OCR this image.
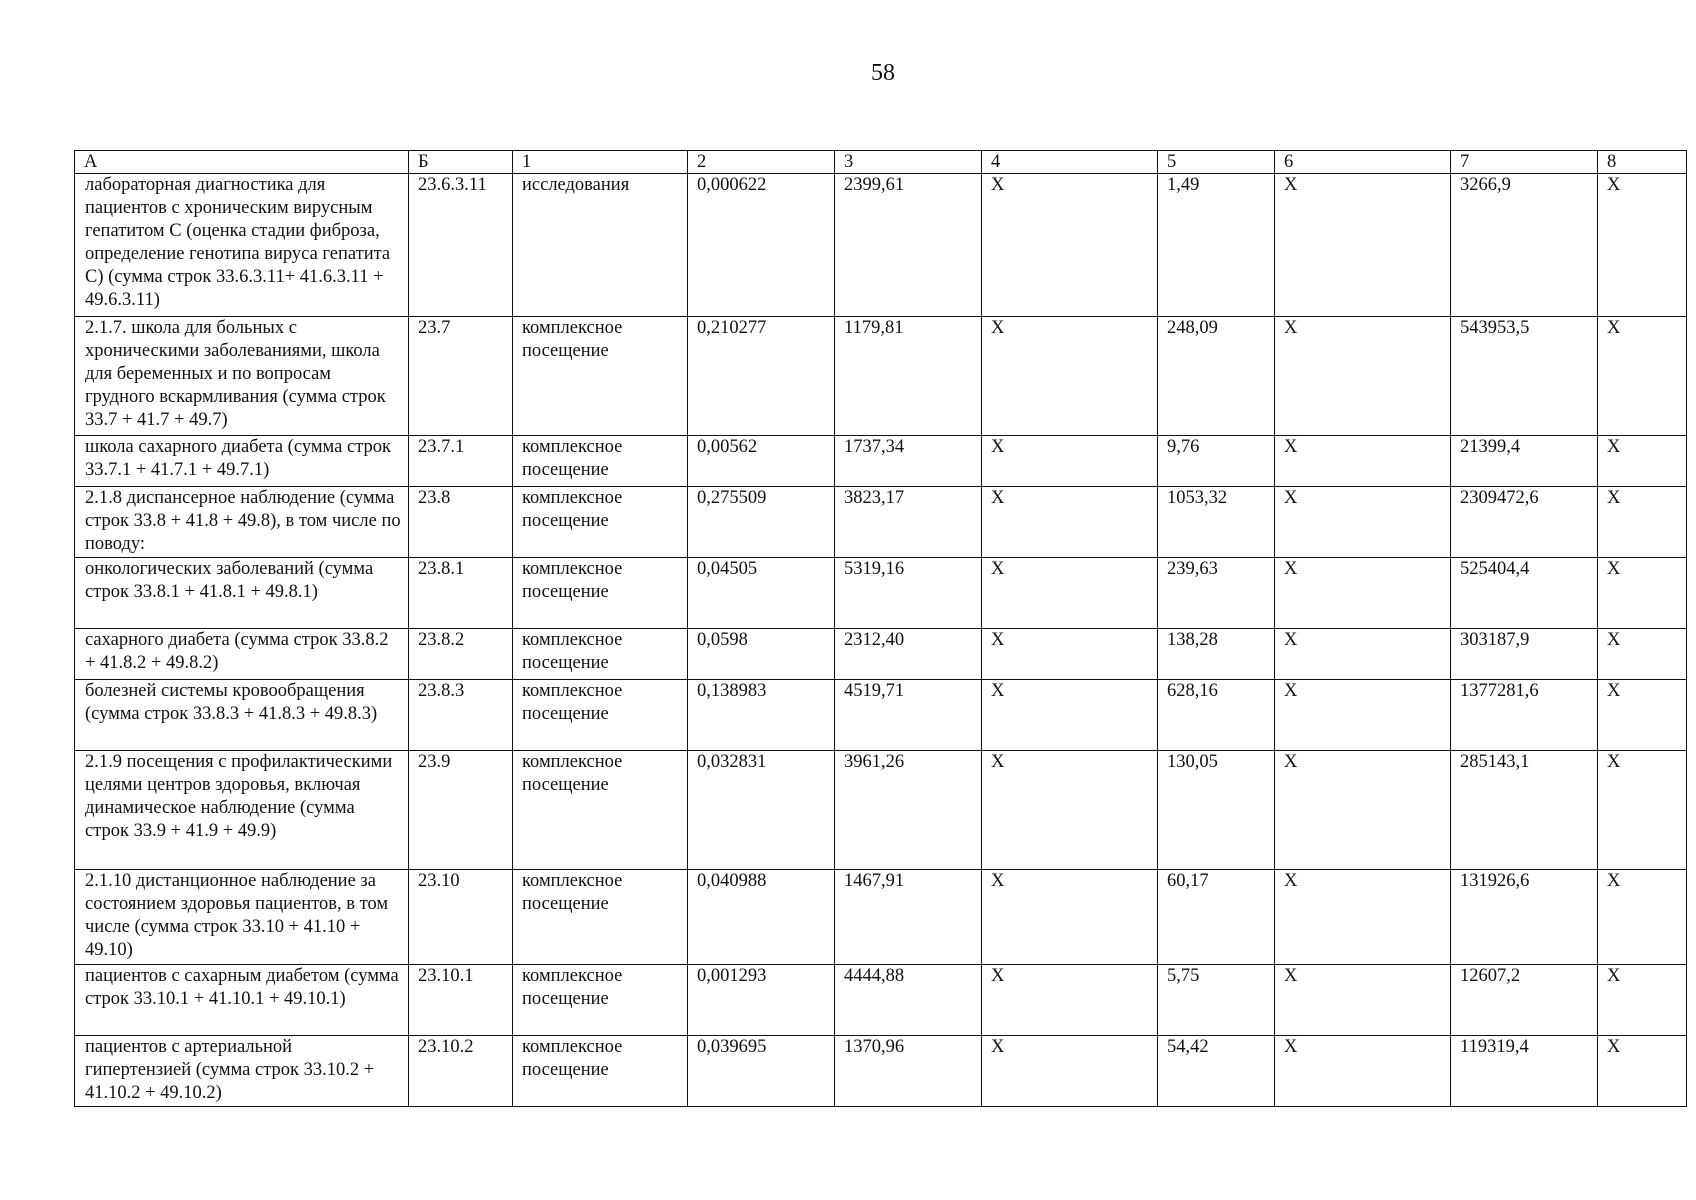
58
А	Б	1	2	3	4	5	6	7	8
лабораторная диагностика для пациентов с хроническим вирусным гепатитом С (оценка стадии фиброза, определение генотипа вируса гепатита С) (сумма строк 33.6.3.11+ 41.6.3.11 + 49.6.3.11)	23.6.3.11	исследования	0,000622	2399,61	Х	1,49	Х	3266,9	Х
2.1.7. школа для больных с хроническими заболеваниями, школа для беременных и по вопросам грудного вскармливания (сумма строк 33.7 + 41.7 + 49.7)	23.7	комплексное посещение	0,210277	1179,81	Х	248,09	Х	543953,5	Х
школа сахарного диабета (сумма строк 33.7.1 + 41.7.1 + 49.7.1)	23.7.1	комплексное посещение	0,00562	1737,34	Х	9,76	Х	21399,4	Х
2.1.8 диспансерное наблюдение (сумма строк 33.8 + 41.8 + 49.8), в том числе по поводу:	23.8	комплексное посещение	0,275509	3823,17	Х	1053,32	Х	2309472,6	Х
онкологических заболеваний (сумма строк 33.8.1 + 41.8.1 + 49.8.1)	23.8.1	комплексное посещение	0,04505	5319,16	Х	239,63	Х	525404,4	Х
сахарного диабета (сумма строк 33.8.2 + 41.8.2 + 49.8.2)	23.8.2	комплексное посещение	0,0598	2312,40	Х	138,28	Х	303187,9	Х
болезней системы кровообращения (сумма строк 33.8.3 + 41.8.3 + 49.8.3)	23.8.3	комплексное посещение	0,138983	4519,71	Х	628,16	Х	1377281,6	Х
2.1.9 посещения с профилактическими целями центров здоровья, включая динамическое наблюдение (сумма строк 33.9 + 41.9 + 49.9)	23.9	комплексное посещение	0,032831	3961,26	Х	130,05	Х	285143,1	Х
2.1.10 дистанционное наблюдение за состоянием здоровья пациентов, в том числе (сумма строк 33.10 + 41.10 + 49.10)	23.10	комплексное посещение	0,040988	1467,91	Х	60,17	Х	131926,6	Х
пациентов с сахарным диабетом (сумма строк 33.10.1 + 41.10.1 + 49.10.1)	23.10.1	комплексное посещение	0,001293	4444,88	Х	5,75	Х	12607,2	Х
пациентов с артериальной гипертензией (сумма строк 33.10.2 + 41.10.2 + 49.10.2)	23.10.2	комплексное посещение	0,039695	1370,96	Х	54,42	Х	119319,4	Х
